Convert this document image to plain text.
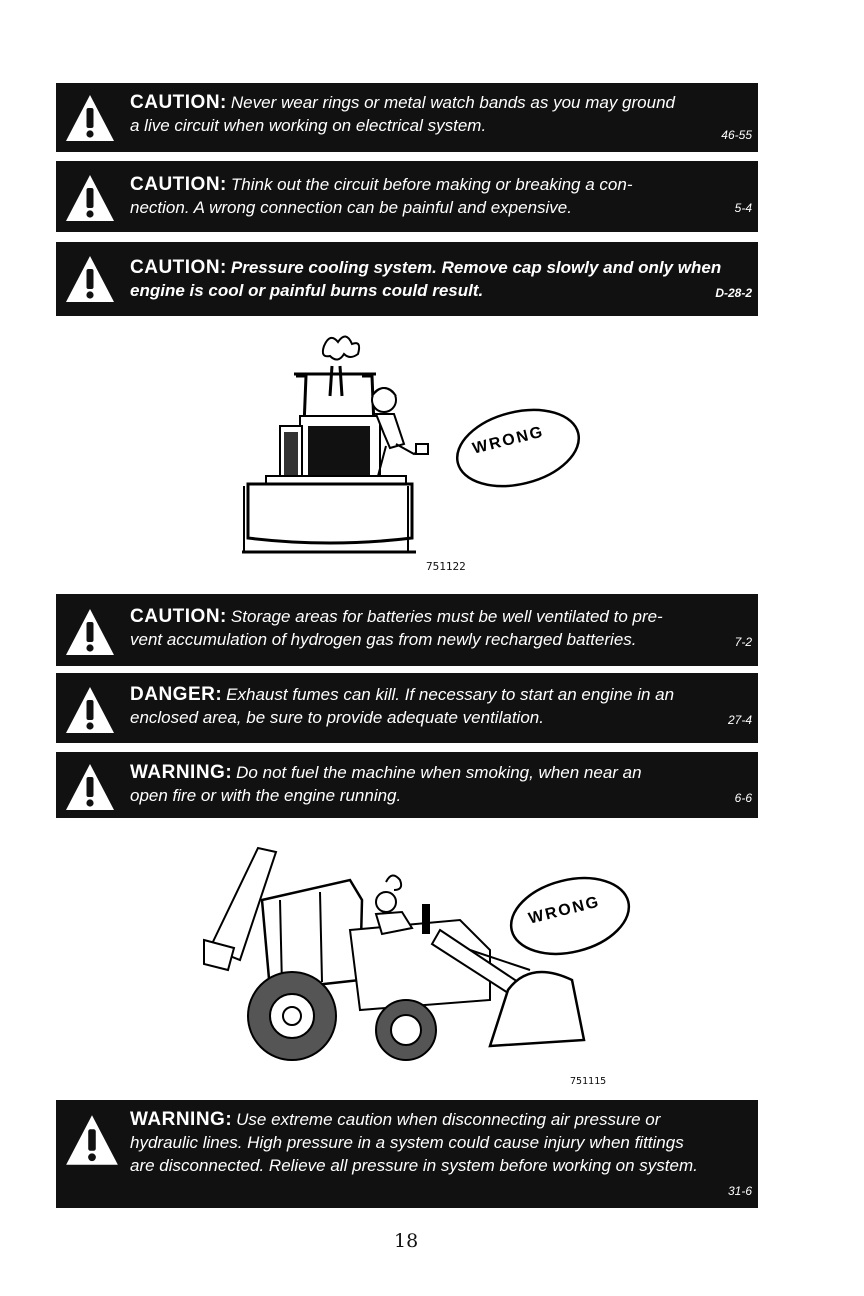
CAUTION: Never wear rings or metal watch bands as you may ground
a live circuit when working on electrical system.	46-55
CAUTION: Think out the circuit before making or breaking a con-
nection. A wrong connection can be painful and expensive.	5-4
CAUTION: Pressure cooling system. Remove cap slowly and only when
engine is cool or painful burns could result.	D-28-2
WRONG
751122
CAUTION: Storage areas for batteries must be well ventilated to pre-
vent accumulation of hydrogen gas from newly recharged batteries.	7-2
DANGER: Exhaust fumes can kill. If necessary to start an engine in an
enclosed area, be sure to provide adequate ventilation.	27-4
WARNING: Do not fuel the machine when smoking, when near an
open fire or with the engine running.	6-6
WRONG
751115
WARNING: Use extreme caution when disconnecting air pressure or
hydraulic lines. High pressure in a system could cause injury when fittings
are disconnected. Relieve all pressure in system before working on system.
31-6
18
